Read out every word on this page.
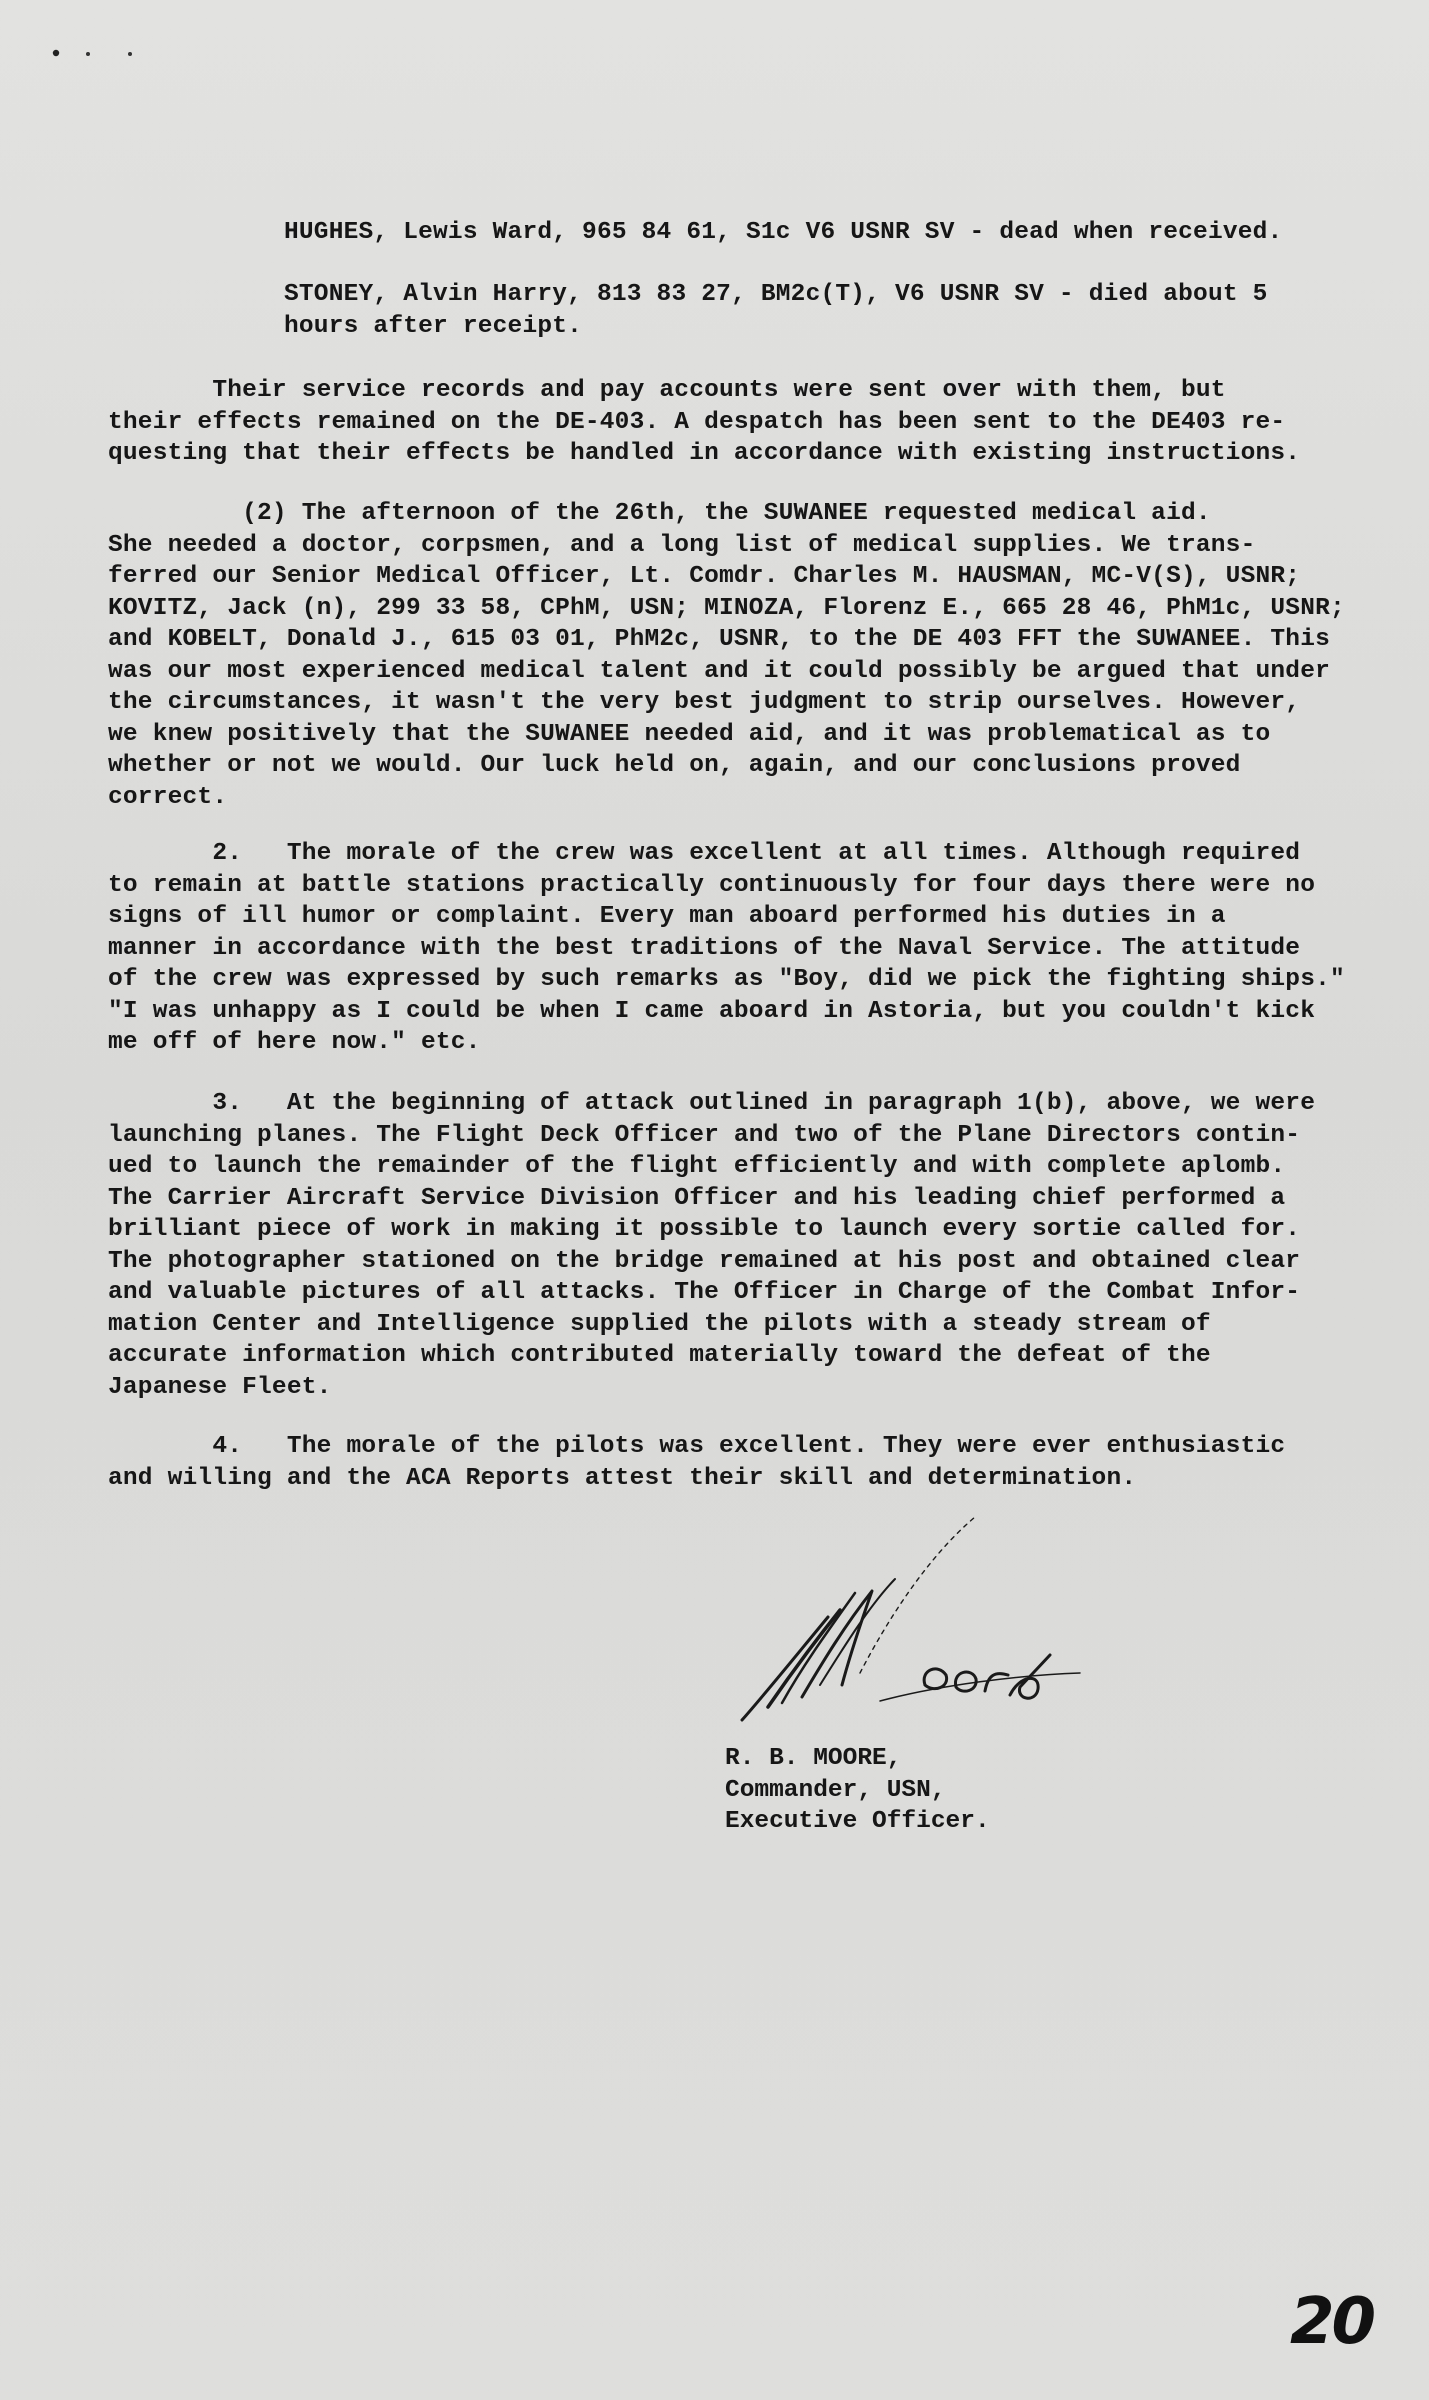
HUGHES, Lewis Ward, 965 84 61, S1c V6 USNR SV - dead when received.
STONEY, Alvin Harry, 813 83 27, BM2c(T), V6 USNR SV - died about 5
hours after receipt.
Their service records and pay accounts were sent over with them, but
their effects remained on the DE-403. A despatch has been sent to the DE403 re-
questing that their effects be handled in accordance with existing instructions.
(2) The afternoon of the 26th, the SUWANEE requested medical aid.
She needed a doctor, corpsmen, and a long list of medical supplies. We trans-
ferred our Senior Medical Officer, Lt. Comdr. Charles M. HAUSMAN, MC-V(S), USNR;
KOVITZ, Jack (n), 299 33 58, CPhM, USN; MINOZA, Florenz E., 665 28 46, PhM1c, USNR;
and KOBELT, Donald J., 615 03 01, PhM2c, USNR, to the DE 403 FFT the SUWANEE. This
was our most experienced medical talent and it could possibly be argued that under
the circumstances, it wasn't the very best judgment to strip ourselves. However,
we knew positively that the SUWANEE needed aid, and it was problematical as to
whether or not we would. Our luck held on, again, and our conclusions proved
correct.
2.   The morale of the crew was excellent at all times. Although required
to remain at battle stations practically continuously for four days there were no
signs of ill humor or complaint. Every man aboard performed his duties in a
manner in accordance with the best traditions of the Naval Service. The attitude
of the crew was expressed by such remarks as "Boy, did we pick the fighting ships."
"I was unhappy as I could be when I came aboard in Astoria, but you couldn't kick
me off of here now." etc.
3.   At the beginning of attack outlined in paragraph 1(b), above, we were
launching planes. The Flight Deck Officer and two of the Plane Directors contin-
ued to launch the remainder of the flight efficiently and with complete aplomb.
The Carrier Aircraft Service Division Officer and his leading chief performed a
brilliant piece of work in making it possible to launch every sortie called for.
The photographer stationed on the bridge remained at his post and obtained clear
and valuable pictures of all attacks. The Officer in Charge of the Combat Infor-
mation Center and Intelligence supplied the pilots with a steady stream of
accurate information which contributed materially toward the defeat of the
Japanese Fleet.
4.   The morale of the pilots was excellent. They were ever enthusiastic
and willing and the ACA Reports attest their skill and determination.
R. B. MOORE,
Commander, USN,
Executive Officer.
20
